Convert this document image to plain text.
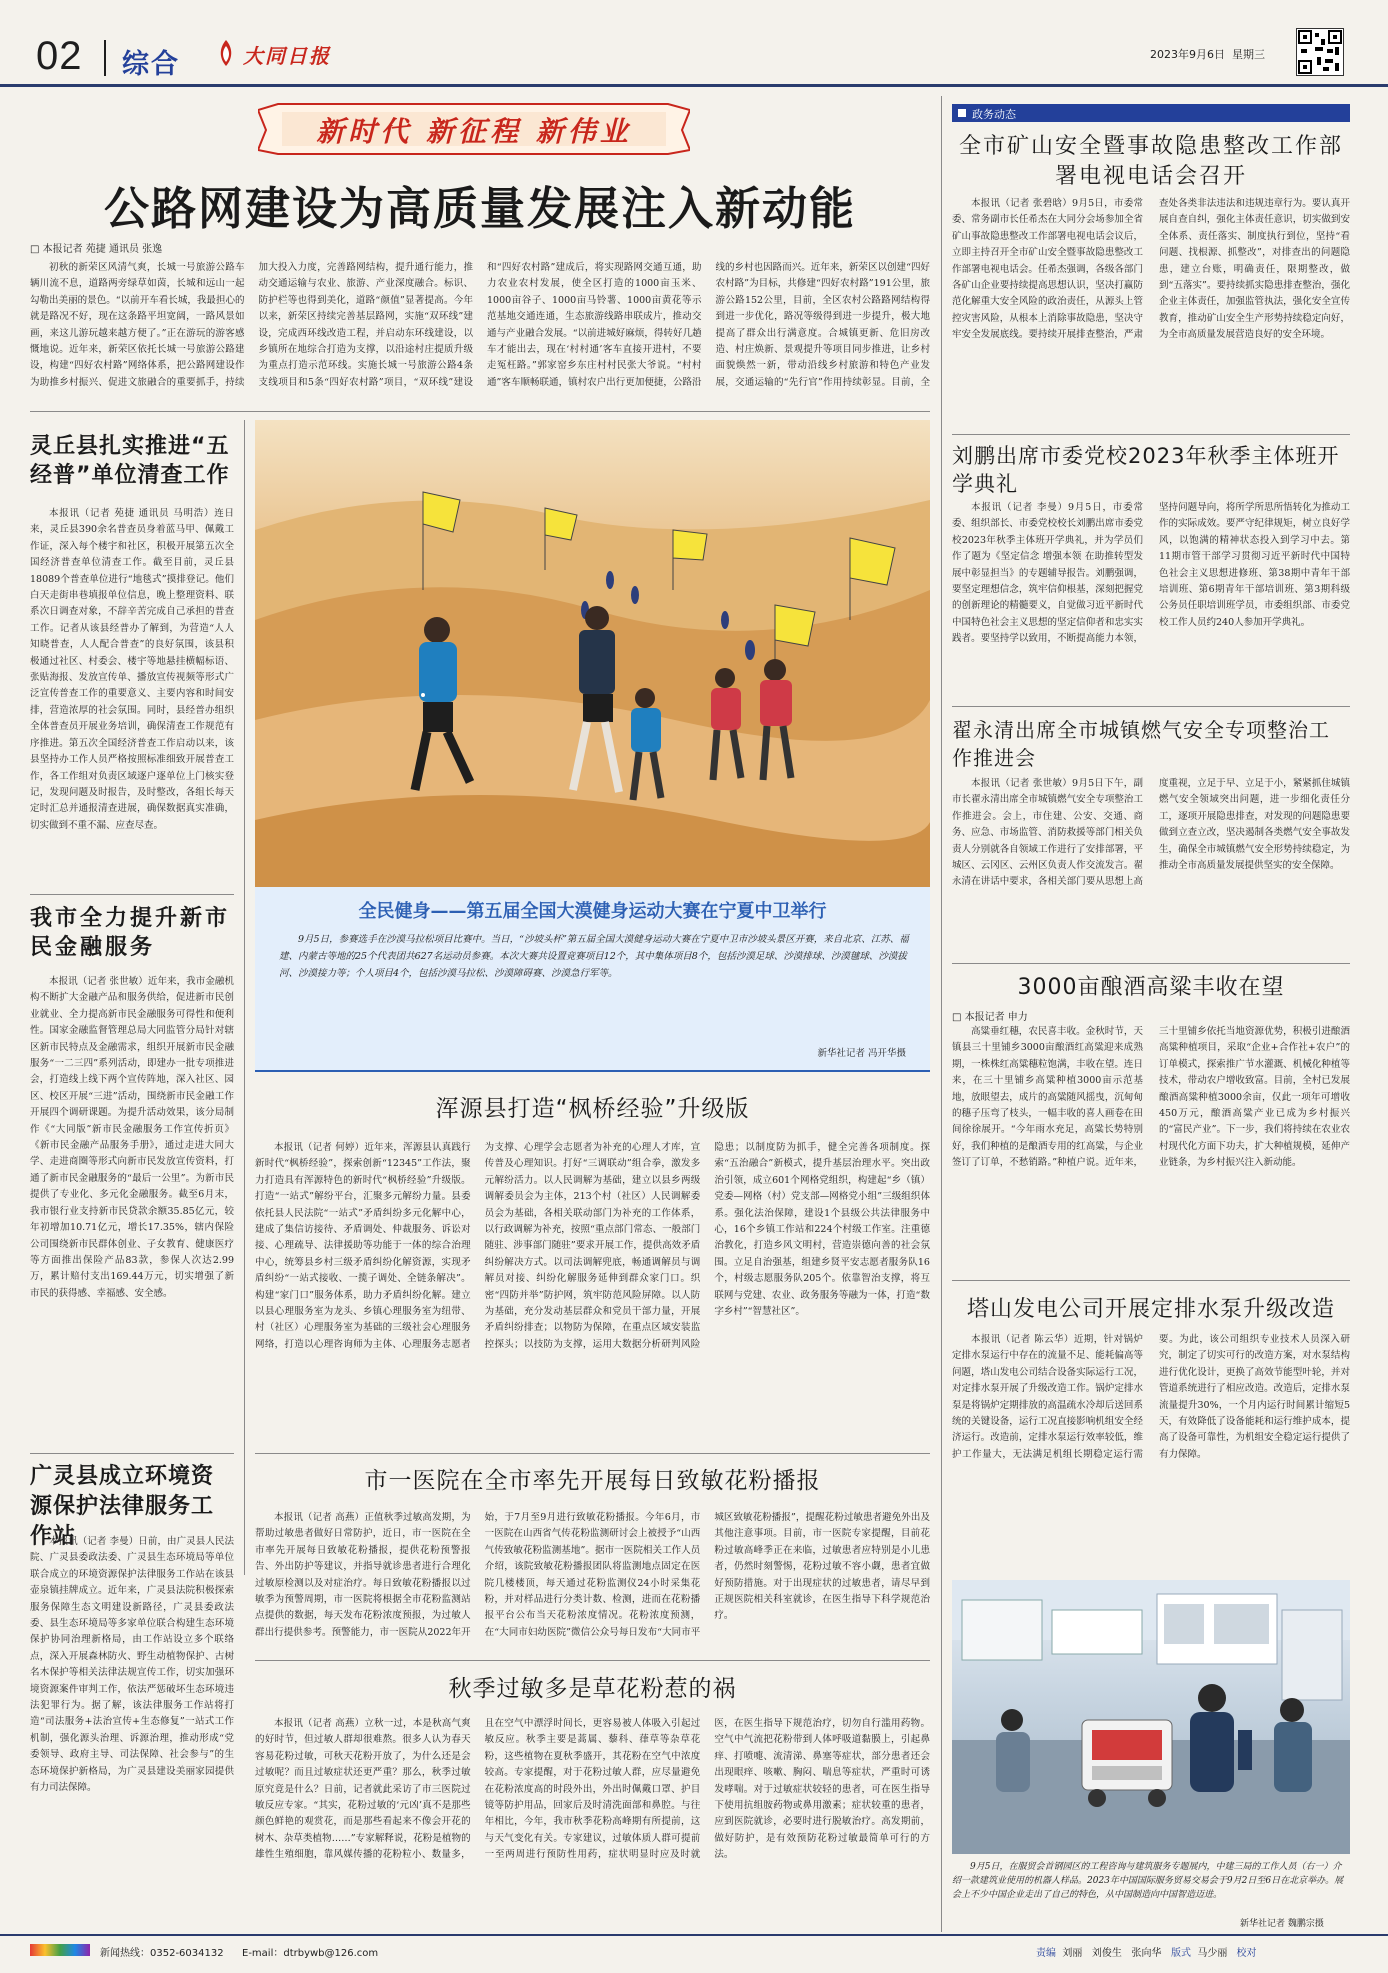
02 综合	大同日报	2023年9月6日 星期三
新时代 新征程 新伟业
公路网建设为高质量发展注入新动能
□ 本报记者 苑捷 通讯员 张逸
初秋的新荣区风清气爽，长城一号旅游公路车辆川流不息，道路两旁绿草如茵，长城和远山一起勾勒出美丽的景色。“以前开车看长城，我最担心的就是路况不好，现在这条路平坦宽阔，一路风景如画，来这儿游玩越来越方便了。”正在游玩的游客感慨地说。近年来，新荣区依托长城一号旅游公路建设，构建“四好农村路”网络体系，把公路网建设作为助推乡村振兴、促进文旅融合的重要抓手，持续加大投入力度，完善路网结构，提升通行能力，推动交通运输与农业、旅游、产业深度融合。标识、防护栏等也得到美化，道路“颜值”显著提高。今年以来，新荣区持续完善基层路网，实施“双环线”建设，完成西环线改造工程，并启动东环线建设，以乡镇所在地综合打造为支撑，以沿途村庄提质升级为重点打造示范环线。实施长城一号旅游公路4条支线项目和5条“四好农村路”项目，“双环线”建设和“四好农村路”建成后，将实现路网交通互通，助力农业农村发展，使全区打造的1000亩玉米、1000亩谷子、1000亩马铃薯、1000亩黄花等示范基地交通连通，生态旅游线路串联成片，推动交通与产业融合发展。“以前进城好麻烦，得转好几趟车才能出去，现在‘村村通’客车直接开进村，不要走冤枉路。”郭家窑乡东庄村村民张大爷说。“村村通”客车顺畅联通，镇村农户出行更加便捷，公路沿线的乡村也因路而兴。近年来，新荣区以创建“四好农村路”为目标，共修建“四好农村路”191公里，旅游公路152公里，目前，全区农村公路路网结构得到进一步优化，路况等级得到进一步提升，极大地提高了群众出行满意度。合城镇更新、危旧房改造、村庄焕新、景观提升等项目同步推进，让乡村面貌焕然一新，带动沿线乡村旅游和特色产业发展，交通运输的“先行官”作用持续彰显。目前，全
灵丘县扎实推进“五经普”单位清查工作
本报讯（记者 苑捷 通讯员 马明浩）连日来，灵丘县390余名普查员身着蓝马甲、佩戴工作证，深入每个楼宇和社区，积极开展第五次全国经济普查单位清查工作。截至目前，灵丘县18089个普查单位进行“地毯式”摸排登记。他们白天走街串巷填报单位信息，晚上整理资料、联系次日调查对象，不辞辛苦完成自己承担的普查工作。记者从该县经普办了解到，为营造“人人知晓普查，人人配合普查”的良好氛围，该县积极通过社区、村委会、楼宇等地悬挂横幅标语、张贴海报、发放宣传单、播放宣传视频等形式广泛宣传普查工作的重要意义、主要内容和时间安排，营造浓厚的社会氛围。同时，县经普办组织全体普查员开展业务培训，确保清查工作规范有序推进。第五次全国经济普查工作启动以来，该县坚持办工作人员严格按照标准细致开展普查工作，各工作组对负责区域逐户逐单位上门核实登记，发现问题及时报告，及时整改，各组长每天定时汇总并通报清查进展，确保数据真实准确，切实做到不重不漏、应查尽查。
我市全力提升新市民金融服务
本报讯（记者 张世敏）近年来，我市金融机构不断扩大金融产品和服务供给，促进新市民创业就业、全力提高新市民金融服务可得性和便利性。国家金融监督管理总局大同监管分局针对辖区新市民特点及金融需求，组织开展新市民金融服务“一二三四”系列活动，即建办一批专项推进会，打造线上线下两个宣传阵地，深入社区、园区、校区开展“三进”活动，围绕新市民金融工作开展四个调研课题。为提升活动效果，该分局制作《“大同版”新市民金融服务工作宣传折页》《新市民金融产品服务手册》，通过走进大同大学、走进商圈等形式向新市民发放宣传资料，打通了新市民金融服务的“最后一公里”。为新市民提供了专业化、多元化金融服务。截至6月末，我市银行业支持新市民贷款余额35.85亿元，较年初增加10.71亿元，增长17.35%，辖内保险公司围绕新市民群体创业、子女教育、健康医疗等方面推出保险产品83款，参保人次达2.99万，累计赔付支出169.44万元，切实增强了新市民的获得感、幸福感、安全感。
广灵县成立环境资源保护法律服务工作站
本报讯（记者 李曼）日前，由广灵县人民法院、广灵县委政法委、广灵县生态环境局等单位联合成立的环境资源保护法律服务工作站在该县壶泉镇挂牌成立。近年来，广灵县法院积极探索服务保障生态文明建设新路径，广灵县委政法委、县生态环境局等多家单位联合构建生态环境保护协同治理新格局，由工作站设立多个联络点，深入开展森林防火、野生动植物保护、古树名木保护等相关法律法规宣传工作，切实加强环境资源案件审判工作，依法严惩破坏生态环境违法犯罪行为。据了解，该法律服务工作站将打造“司法服务+法治宣传+生态修复”一站式工作机制，强化源头治理、诉源治理，推动形成“党委领导、政府主导、司法保障、社会参与”的生态环境保护新格局，为广灵县建设美丽家园提供有力司法保障。
全民健身——第五届全国大漠健身运动大赛在宁夏中卫举行
9月5日，参赛选手在沙漠马拉松项目比赛中。当日，“沙坡头杯”第五届全国大漠健身运动大赛在宁夏中卫市沙坡头景区开赛，来自北京、江苏、福建、内蒙古等地的25个代表团共627名运动员参赛。本次大赛共设置竞赛项目12个，其中集体项目8个，包括沙漠足球、沙漠排球、沙漠毽球、沙漠拔河、沙漠接力等；个人项目4个，包括沙漠马拉松、沙漠障碍赛、沙漠急行军等。
新华社记者 冯开华摄
浑源县打造“枫桥经验”升级版
本报讯（记者 何婷）近年来，浑源县认真践行新时代“枫桥经验”，探索创新“12345”工作法，聚力打造具有浑源特色的新时代“枫桥经验”升级版。打造“一站式”解纷平台，汇聚多元解纷力量。县委依托县人民法院“一站式”矛盾纠纷多元化解中心，建成了集信访接待、矛盾调处、仲裁服务、诉讼对接、心理疏导、法律援助等功能于一体的综合治理中心，统筹县乡村三级矛盾纠纷化解资源，实现矛盾纠纷“一站式接收、一揽子调处、全链条解决”。构建“家门口”服务体系，助力矛盾纠纷化解。建立以县心理服务室为龙头、乡镇心理服务室为纽带、村（社区）心理服务室为基础的三级社会心理服务网络，打造以心理咨询师为主体、心理服务志愿者为支撑、心理学会志愿者为补充的心理人才库，宣传普及心理知识。打好“三调联动”组合拳，激发多元解纷活力。以人民调解为基础，建立以县乡两级调解委员会为主体，213个村（社区）人民调解委员会为基础，各相关联动部门为补充的工作体系，以行政调解为补充，按照“重点部门常态、一般部门随驻、涉事部门随驻”要求开展工作，提供高效矛盾纠纷解决方式。以司法调解兜底，畅通调解员与调解员对接、纠纷化解服务延伸到群众家门口。织密“四防并举”防护网，筑牢防范风险屏障。以人防为基础，充分发动基层群众和党员干部力量，开展矛盾纠纷排查；以物防为保障，在重点区域安装监控探头；以技防为支撑，运用大数据分析研判风险隐患；以制度防为抓手，健全完善各项制度。探索“五治融合”新模式，提升基层治理水平。突出政治引领，成立601个网格党组织，构建起“乡（镇）党委—网格（村）党支部—网格党小组”三级组织体系。强化法治保障，建设1个县级公共法律服务中心，16个乡镇工作站和224个村级工作室。注重德治教化，打造乡风文明村，营造崇德向善的社会氛围。立足自治强基，组建乡贤平安志愿者服务队16个，村级志愿服务队205个。依靠智治支撑，将互联网与党建、农业、政务服务等融为一体，打造“数字乡村”“智慧社区”。
市一医院在全市率先开展每日致敏花粉播报
本报讯（记者 高燕）正值秋季过敏高发期，为帮助过敏患者做好日常防护，近日，市一医院在全市率先开展每日致敏花粉播报，提供花粉预警报告、外出防护等建议，并指导就诊患者进行合理化过敏原检测以及对症治疗。每日致敏花粉播报以过敏季为预警周期，市一医院将根据全市花粉监测站点提供的数据，每天发布花粉浓度预报，为过敏人群出行提供参考。预警能力，市一医院从2022年开始，于7月至9月进行致敏花粉播报。今年6月，市一医院在山西省气传花粉监测研讨会上被授予“山西气传致敏花粉监测基地”。据市一医院相关工作人员介绍，该院致敏花粉播报团队将监测地点固定在医院几楼楼顶，每天通过花粉监测仪24小时采集花粉，并对样品进行分类计数、检测，进而在花粉播报平台公布当天花粉浓度情况。花粉浓度预测，在“大同市妇幼医院”微信公众号每日发布“大同市平城区致敏花粉播报”，提醒花粉过敏患者避免外出及其他注意事项。目前，市一医院专家提醒，目前花粉过敏高峰季正在来临，过敏患者应特别是小儿患者，仍然时刻警惕，花粉过敏不容小觑，患者宜做好预防措施。对于出现症状的过敏患者，请尽早到正规医院相关科室就诊，在医生指导下科学规范治疗。
秋季过敏多是草花粉惹的祸
本报讯（记者 高燕）立秋一过，本是秋高气爽的好时节，但过敏人群却很难熬。很多人认为春天容易花粉过敏，可秋天花粉开放了，为什么还是会过敏呢？而且过敏症状还更严重？那么，秋季过敏原究竟是什么？日前，记者就此采访了市三医院过敏反应专家。“其实，花粉过敏的‘元凶’真不是那些颜色鲜艳的观赏花，而是那些看起来不像会开花的树木、杂草类植物……”专家解释说，花粉是植物的雄性生殖细胞，靠风媒传播的花粉粒小、数量多，且在空气中漂浮时间长，更容易被人体吸入引起过敏反应。秋季主要是蒿属、藜科、葎草等杂草花粉，这些植物在夏秋季盛开，其花粉在空气中浓度较高。专家提醒，对于花粉过敏人群，应尽量避免在花粉浓度高的时段外出，外出时佩戴口罩、护目镜等防护用品，回家后及时清洗面部和鼻腔。与往年相比，今年，我市秋季花粉高峰期有所提前，这与天气变化有关。专家建议，过敏体质人群可提前一至两周进行预防性用药，症状明显时应及时就医，在医生指导下规范治疗，切勿自行滥用药物。空气中气流把花粉带到人体呼吸道黏膜上，引起鼻痒、打喷嚏、流清涕、鼻塞等症状，部分患者还会出现眼痒、咳嗽、胸闷、喘息等症状，严重时可诱发哮喘。对于过敏症状较轻的患者，可在医生指导下使用抗组胺药物或鼻用激素；症状较重的患者，应到医院就诊，必要时进行脱敏治疗。高发期前，做好防护，是有效预防花粉过敏最简单可行的方法。
政务动态
全市矿山安全暨事故隐患整改工作部署电视电话会召开
本报讯（记者 张碧晗）9月5日，市委常委、常务副市长任希杰在大同分会场参加全省矿山事故隐患整改工作部署电视电话会议后，立即主持召开全市矿山安全暨事故隐患整改工作部署电视电话会。任希杰强调，各级各部门各矿山企业要持续提高思想认识，坚决打赢防范化解重大安全风险的政治责任，从源头上管控灾害风险，从根本上消除事故隐患，坚决守牢安全发展底线。要持续开展排查整治，严肃查处各类非法违法和违规违章行为。要认真开展自查自纠，强化主体责任意识，切实做到安全体系、责任落实、制度执行到位，坚持“看问题、找根源、抓整改”，对排查出的问题隐患，建立台账，明确责任，限期整改，做到“五落实”。要持续抓实隐患排查整治，强化企业主体责任，加强监管执法，强化安全宣传教育，推动矿山安全生产形势持续稳定向好，为全市高质量发展营造良好的安全环境。
刘鹏出席市委党校2023年秋季主体班开学典礼
本报讯（记者 李曼）9月5日，市委常委、组织部长、市委党校校长刘鹏出席市委党校2023年秋季主体班开学典礼，并为学员们作了题为《坚定信念 增强本领 在助推转型发展中彰显担当》的专题辅导报告。刘鹏强调，要坚定理想信念，筑牢信仰根基，深刻把握党的创新理论的精髓要义，自觉做习近平新时代中国特色社会主义思想的坚定信仰者和忠实实践者。要坚持学以致用，不断提高能力本领，坚持问题导向，将所学所思所悟转化为推动工作的实际成效。要严守纪律规矩，树立良好学风，以饱满的精神状态投入到学习中去。第11期市管干部学习贯彻习近平新时代中国特色社会主义思想进修班、第38期中青年干部培训班、第6期青年干部培训班、第3期科级公务员任职培训班学员，市委组织部、市委党校工作人员约240人参加开学典礼。
翟永清出席全市城镇燃气安全专项整治工作推进会
本报讯（记者 张世敏）9月5日下午，副市长翟永清出席全市城镇燃气安全专项整治工作推进会。会上，市住建、公安、交通、商务、应急、市场监管、消防救援等部门相关负责人分别就各自领域工作进行了安排部署，平城区、云冈区、云州区负责人作交流发言。翟永清在讲话中要求，各相关部门要从思想上高度重视，立足于早、立足于小，紧紧抓住城镇燃气安全领域突出问题，进一步细化责任分工，逐项开展隐患排查，对发现的问题隐患要做到立查立改，坚决遏制各类燃气安全事故发生，确保全市城镇燃气安全形势持续稳定，为推动全市高质量发展提供坚实的安全保障。
3000亩酿酒高粱丰收在望
□ 本报记者 申力
高粱垂红穗，农民喜丰收。金秋时节，天镇县三十里铺乡3000亩酿酒红高粱迎来成熟期，一株株红高粱穗粒饱满，丰收在望。连日来，在三十里铺乡高粱种植3000亩示范基地，放眼望去，成片的高粱随风摇曳，沉甸甸的穗子压弯了枝头，一幅丰收的喜人画卷在田间徐徐展开。“今年雨水充足，高粱长势特别好，我们种植的是酿酒专用的红高粱，与企业签订了订单，不愁销路。”种植户说。近年来，三十里铺乡依托当地资源优势，积极引进酿酒高粱种植项目，采取“企业+合作社+农户”的订单模式，探索推广节水灌溉、机械化种植等技术，带动农户增收致富。目前，全村已发展酿酒高粱种植3000余亩，仅此一项年可增收450万元，酿酒高粱产业已成为乡村振兴的“富民产业”。下一步，我们将持续在农业农村现代化方面下功夫，扩大种植规模，延伸产业链条，为乡村振兴注入新动能。
塔山发电公司开展定排水泵升级改造
本报讯（记者 陈云华）近期，针对锅炉定排水泵运行中存在的流量不足、能耗偏高等问题，塔山发电公司结合设备实际运行工况，对定排水泵开展了升级改造工作。锅炉定排水泵是将锅炉定期排放的高温疏水冷却后送回系统的关键设备，运行工况直接影响机组安全经济运行。改造前，定排水泵运行效率较低，维护工作量大，无法满足机组长期稳定运行需要。为此，该公司组织专业技术人员深入研究，制定了切实可行的改造方案，对水泵结构进行优化设计，更换了高效节能型叶轮，并对管道系统进行了相应改造。改造后，定排水泵流量提升30%，一个月内运行时间累计缩短5天，有效降低了设备能耗和运行维护成本，提高了设备可靠性，为机组安全稳定运行提供了有力保障。
9月5日，在服贸会首钢园区的工程咨询与建筑服务专题展内，中建三局的工作人员（右一）介绍一款建筑业使用的机器人样品。2023年中国国际服务贸易交易会于9月2日至6日在北京举办。展会上不少中国企业走出了自己的特色，从中国制造向中国智造迈进。
新华社记者 魏鹏宗摄
新闻热线：0352-6034132 E-mail：dtrbywb@126.com	责编 刘丽 刘俊生 张向华 版式 马少丽 校对
